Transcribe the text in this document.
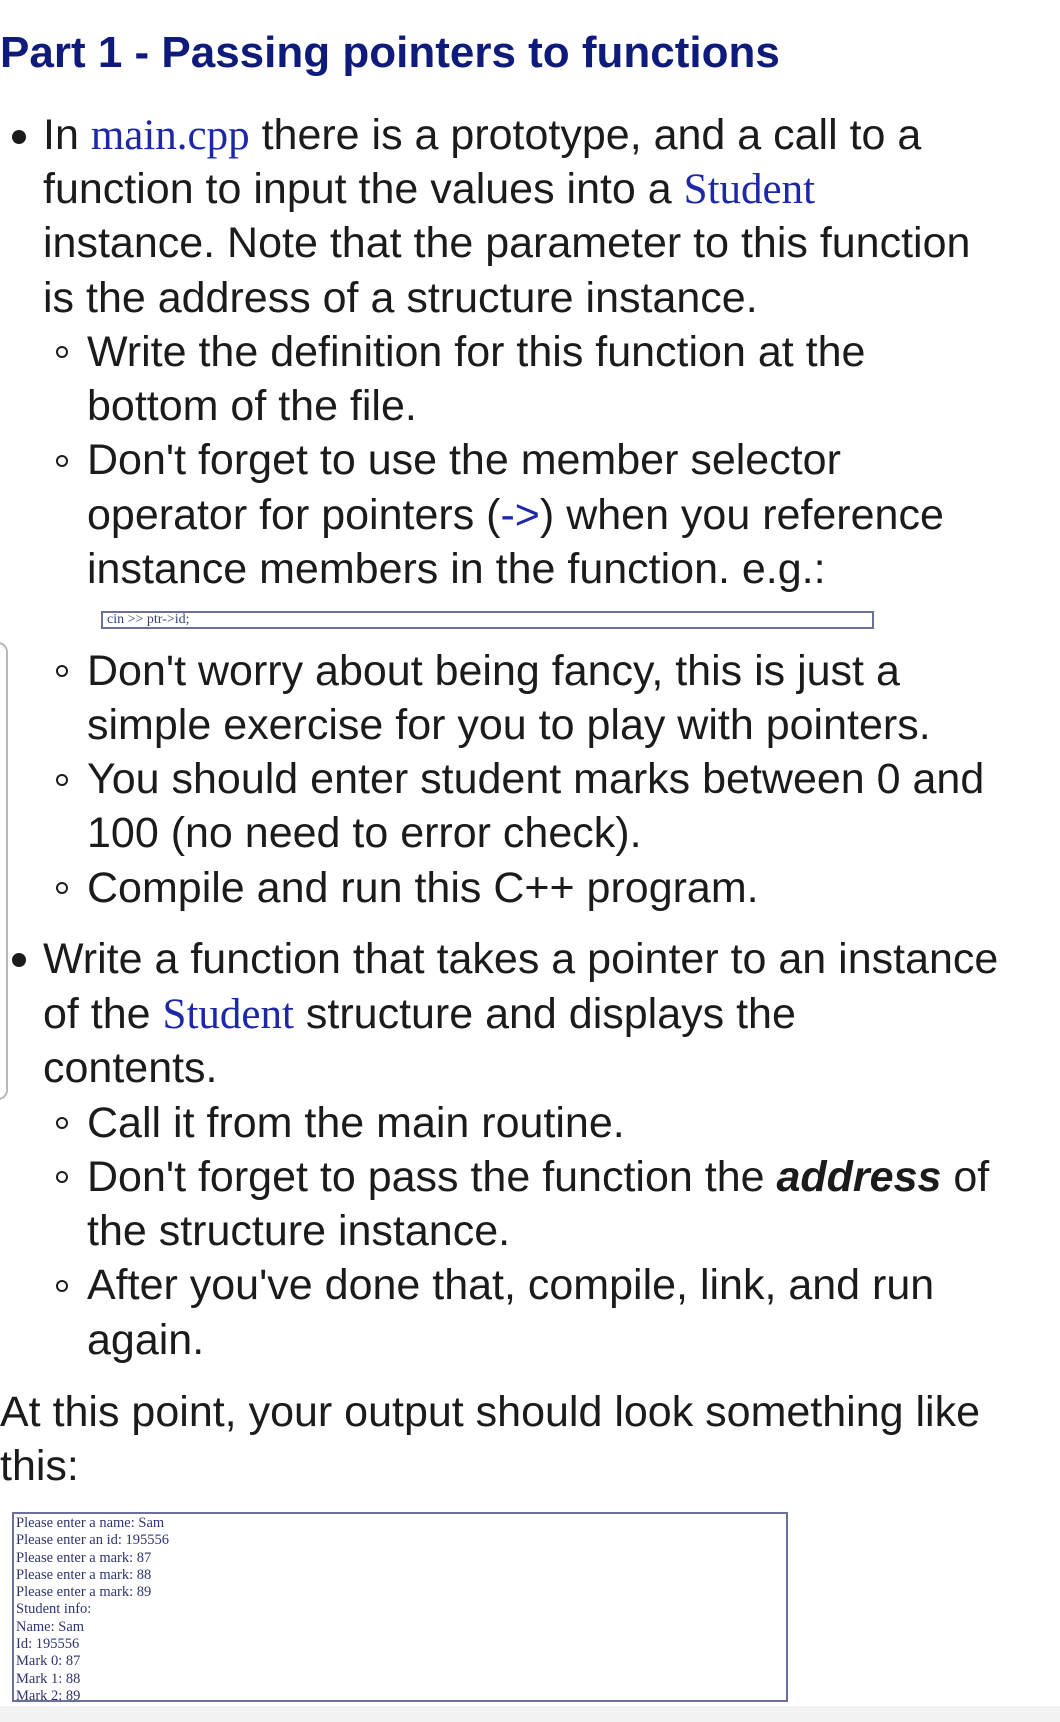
Part 1 - Passing pointers to functions
In main.cpp there is a prototype, and a call to a
function to input the values into a Student
instance. Note that the parameter to this function
is the address of a structure instance.
Write the definition for this function at the
bottom of the file.
Don't forget to use the member selector
operator for pointers (->) when you reference
instance members in the function. e.g.:
cin >> ptr->id;
Don't worry about being fancy, this is just a
simple exercise for you to play with pointers.
You should enter student marks between 0 and
100 (no need to error check).
Compile and run this C++ program.
Write a function that takes a pointer to an instance
of the Student structure and displays the
contents.
Call it from the main routine.
Don't forget to pass the function the address of
the structure instance.
After you've done that, compile, link, and run
again.
At this point, your output should look something like
this:
Please enter a name: Sam
Please enter an id: 195556
Please enter a mark: 87
Please enter a mark: 88
Please enter a mark: 89
Student info:
Name: Sam
Id: 195556
Mark 0: 87
Mark 1: 88
Mark 2: 89
